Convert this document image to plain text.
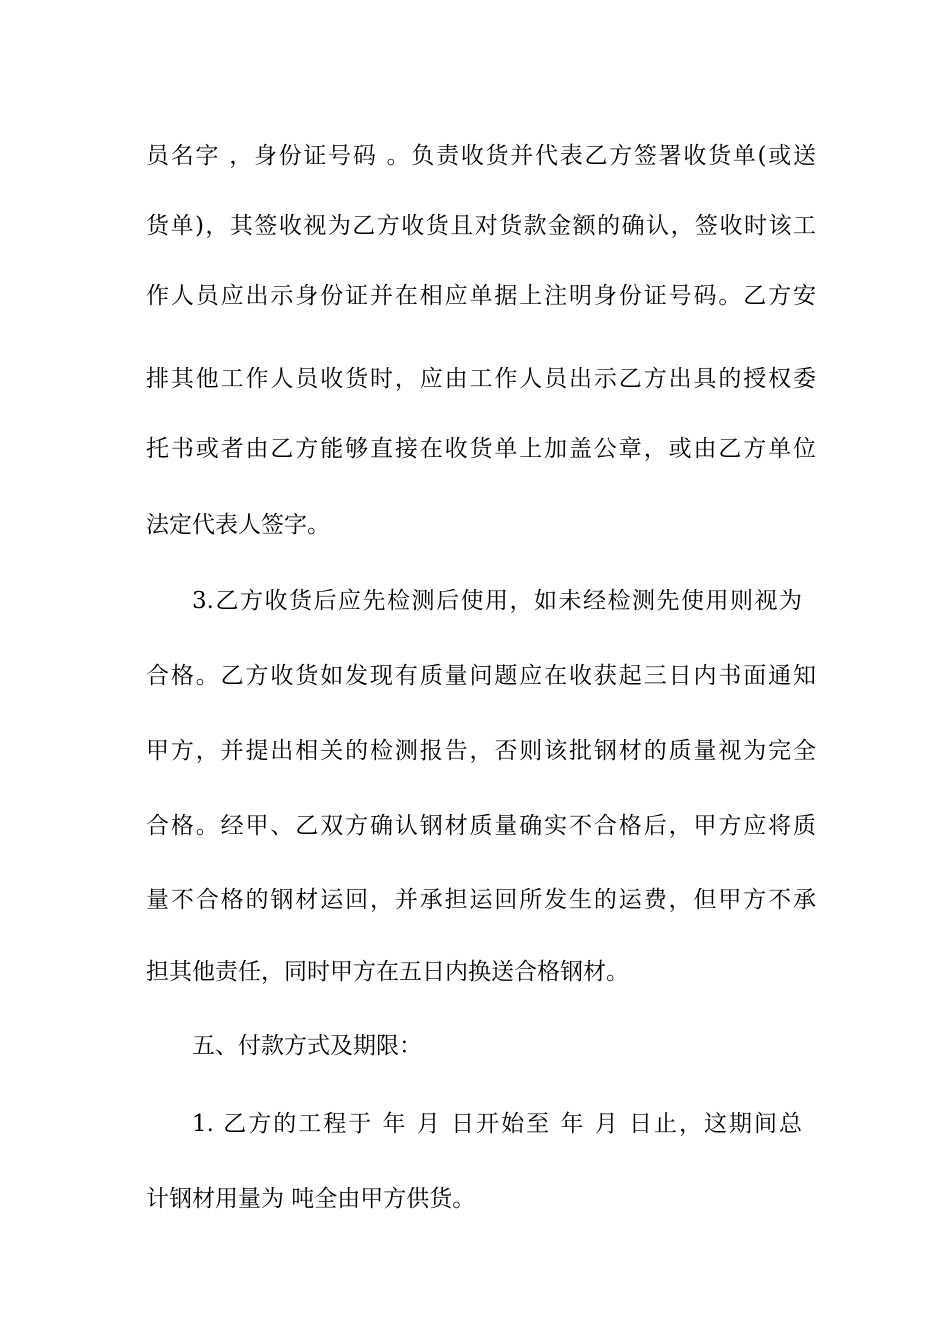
员名字 ，身份证号码 。负责收货并代表乙方签署收货单(或送
货单)，其签收视为乙方收货且对货款金额的确认，签收时该工
作人员应出示身份证并在相应单据上注明身份证号码。乙方安
排其他工作人员收货时，应由工作人员出示乙方出具的授权委
托书或者由乙方能够直接在收货单上加盖公章，或由乙方单位
法定代表人签字。
3.乙方收货后应先检测后使用，如未经检测先使用则视为
合格。乙方收货如发现有质量问题应在收获起三日内书面通知
甲方，并提出相关的检测报告，否则该批钢材的质量视为完全
合格。经甲、乙双方确认钢材质量确实不合格后，甲方应将质
量不合格的钢材运回，并承担运回所发生的运费，但甲方不承
担其他责任，同时甲方在五日内换送合格钢材。
五、付款方式及期限：
1. 乙方的工程于 年 月 日开始至 年 月 日止，这期间总
计钢材用量为 吨全由甲方供货。
